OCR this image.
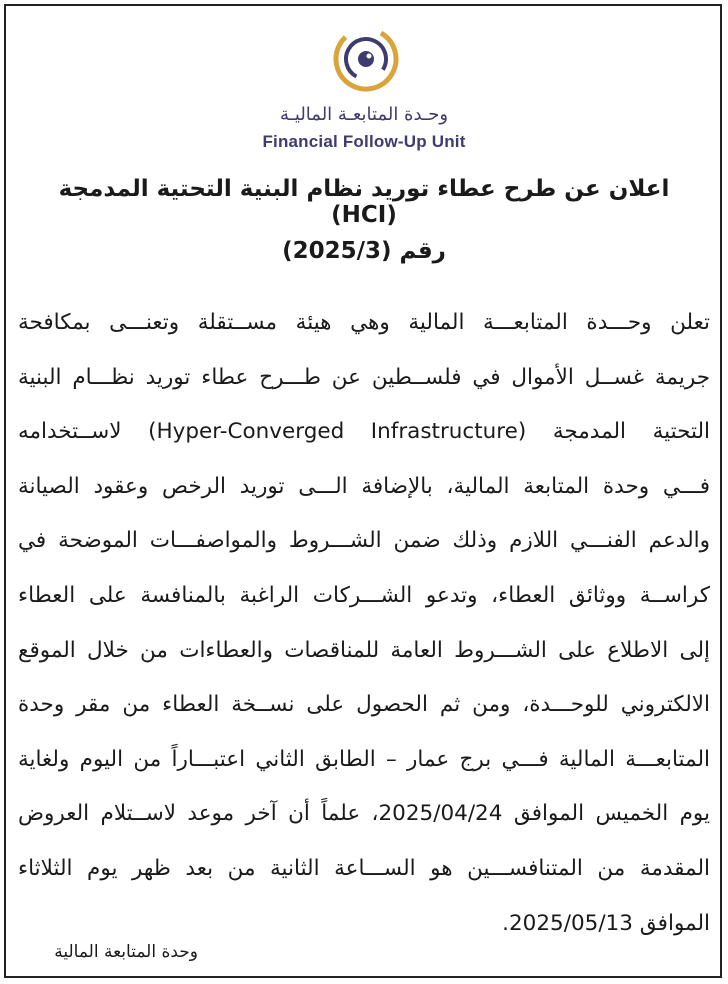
وحـدة المتابعـة الماليـة
Financial Follow-Up Unit
اعلان عن طرح عطاء توريد نظام البنية التحتية المدمجة (HCI)
رقم (2025/3)
تعلن وحـــدة المتابعـــة المالية وهي هيئة مســتقلة وتعنـــى بمكافحة
جريمة غســل الأموال في فلســطين عن طـــرح عطاء توريد نظـــام البنية
التحتية المدمجة (Hyper-Converged Infrastructure) لاســتخدامه
فـــي وحدة المتابعة المالية، بالإضافة الـــى توريد الرخص وعقود الصيانة
والدعم الفنـــي اللازم وذلك ضمن الشـــروط والمواصفـــات الموضحة في
كراســة ووثائق العطاء، وتدعو الشـــركات الراغبة بالمنافسة على العطاء
إلى الاطلاع على الشـــروط العامة للمناقصات والعطاءات من خلال الموقع
الالكتروني للوحـــدة، ومن ثم الحصول على نســخة العطاء من مقر وحدة
المتابعـــة المالية فـــي برج عمار – الطابق الثاني اعتبـــاراً من اليوم ولغاية
يوم الخميس الموافق 2025/04/24، علماً أن آخر موعد لاســتلام العروض
المقدمة من المتنافســـين هو الســـاعة الثانية من بعد ظهر يوم الثلاثاء
الموافق 2025/05/13.
وحدة المتابعة المالية
